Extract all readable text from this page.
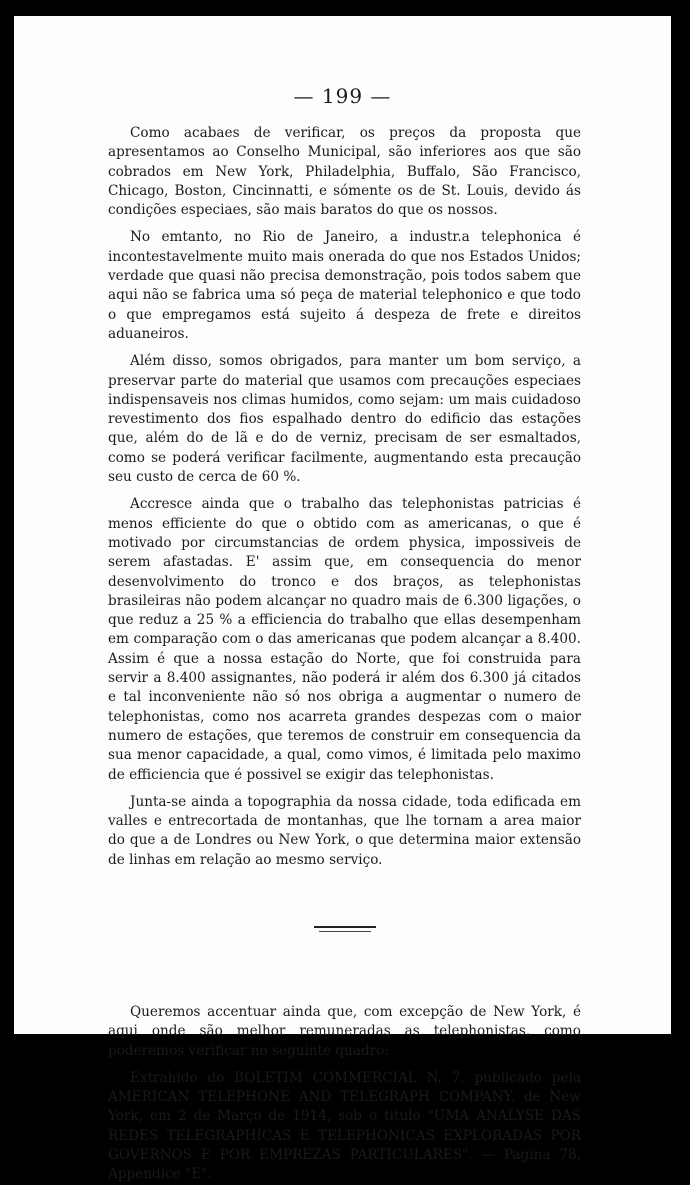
— 199 —

Como acabaes de verificar, os preços da proposta que apresentamos ao Conselho Municipal, são inferiores aos que são cobrados em New York, Philadelphia, Buffalo, São Francisco, Chicago, Boston, Cincinnatti, e sómente os de St. Louis, devido ás condições especiaes, são mais baratos do que os nossos.

No emtanto, no Rio de Janeiro, a industr.a telephonica é incontestavelmente muito mais onerada do que nos Estados Unidos; verdade que quasi não precisa demonstração, pois todos sabem que aqui não se fabrica uma só peça de material telephonico e que todo o que empregamos está sujeito á despeza de frete e direitos aduaneiros.

Além disso, somos obrigados, para manter um bom serviço, a preservar parte do material que usamos com precauções especiaes indispensaveis nos climas humidos, como sejam: um mais cuidadoso revestimento dos fios espalhado dentro do edificio das estações que, além do de lã e do de verniz, precisam de ser esmaltados, como se poderá verificar facilmente, augmentando esta precaução seu custo de cerca de 60 %.

Accresce ainda que o trabalho das telephonistas patricias é menos efficiente do que o obtido com as americanas, o que é motivado por circumstancias de ordem physica, impossiveis de serem afastadas. E' assim que, em consequencia do menor desenvolvimento do tronco e dos braços, as telephonistas brasileiras não podem alcançar no quadro mais de 6.300 ligações, o que reduz a 25 % a efficiencia do trabalho que ellas desempenham em comparação com o das americanas que podem alcançar a 8.400. Assim é que a nossa estação do Norte, que foi construida para servir a 8.400 assignantes, não poderá ir além dos 6.300 já citados e tal inconveniente não só nos obriga a augmentar o numero de telephonistas, como nos acarreta grandes despezas com o maior numero de estações, que teremos de construir em consequencia da sua menor capacidade, a qual, como vimos, é limitada pelo maximo de efficiencia que é possivel se exigir das telephonistas.

Junta-se ainda a topographia da nossa cidade, toda edificada em valles e entrecortada de montanhas, que lhe tornam a area maior do que a de Londres ou New York, o que determina maior extensão de linhas em relação ao mesmo serviço.

Queremos accentuar ainda que, com excepção de New York, é aqui onde são melhor remuneradas as telephonistas, como poderemos verificar no seguinte quadro:

Extrahido do BOLETIM COMMERCIAL N. 7, publicado pela AMERICAN TELEPHONE AND TELEGRAPH COMPANY, de New York, em 2 de Março de 1914, sob o titulo "UMA ANALYSE DAS REDES TELEGRAPHICAS E TELEPHONICAS EXPLORADAS POR GOVERNOS E POR EMPREZAS PARTICULARES". — Pagina 78, Appendice "E".
